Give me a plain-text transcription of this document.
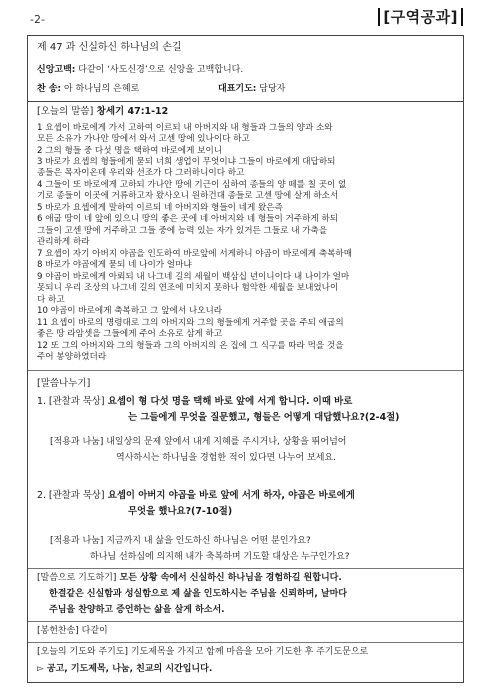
-2-	[구역공과]
제 47 과 신실하신 하나님의 손길
신앙고백: 다같이 ‘사도신경’으로 신앙을 고백합니다.
찬 송: 아 하나님의 은혜로	대표기도: 담당자
[오늘의 말씀] 창세기 47:1-12
1 요셉이 바로에게 가서 고하여 이르되 내 아버지와 내 형들과 그들의 양과 소와
모든 소유가 가나안 땅에서 와서 고센 땅에 있나이다 하고
2 그의 형들 중 다섯 명을 택하여 바로에게 보이니
3 바로가 요셉의 형들에게 묻되 너희 생업이 무엇이냐 그들이 바로에게 대답하되
종들은 목자이온데 우리와 선조가 다 그러하니이다 하고
4 그들이 또 바로에게 고하되 가나안 땅에 기근이 심하여 종들의 양 떼를 칠 곳이 없
기로 종들이 이곳에 거류하고자 왔사오니 원하건대 종들로 고센 땅에 살게 하소서
5 바로가 요셉에게 말하여 이르되 네 아버지와 형들이 네게 왔은즉
6 애굽 땅이 네 앞에 있으니 땅의 좋은 곳에 네 아버지와 네 형들이 거주하게 하되
그들이 고센 땅에 거주하고 그들 중에 능력 있는 자가 있거든 그들로 내 가축을
관리하게 하라
7 요셉이 자기 아버지 야곱을 인도하여 바로앞에 서게하니 야곱이 바로에게 축복하매
8 바로가 야곱에게 묻되 네 나이가 얼마냐
9 야곱이 바로에게 아뢰되 내 나그네 길의 세월이 백삼십 년이니이다 내 나이가 얼마
못되니 우리 조상의 나그네 길의 연조에 미치지 못하나 험악한 세월을 보내었나이
다 하고
10 야곱이 바로에게 축복하고 그 앞에서 나오니라
11 요셉이 바로의 명령대로 그의 아버지와 그의 형들에게 거주할 곳을 주되 애굽의
좋은 땅 라암셋을 그들에게 주어 소유로 삼게 하고
12 또 그의 아버지와 그의 형들과 그의 아버지의 온 집에 그 식구를 따라 먹을 것을
주어 봉양하였더라
[말씀나누기]
1. [관찰과 묵상] 요셉이 형 다섯 명을 택해 바로 앞에 서게 합니다. 이때 바로
는 그들에게 무엇을 질문했고, 형들은 어떻게 대답했나요?(2-4절)
[적용과 나눔] 내일상의 문제 앞에서 내게 지혜를 주시거나, 상황을 뛰어넘어
역사하시는 하나님을 경험한 적이 있다면 나누어 보세요.
2. [관찰과 묵상] 요셉이 아버지 야곱을 바로 앞에 서게 하자, 야곱은 바로에게
무엇을 했나요?(7-10절)
[적용과 나눔] 지금까지 내 삶을 인도하신 하나님은 어떤 분인가요?
하나님 선하심에 의지해 내가 축복하며 기도할 대상은 누구인가요?
[말씀으로 기도하기] 모든 상황 속에서 신실하신 하나님을 경험하길 원합니다.
한결같은 신실함과 성실함으로 제 삶을 인도하시는 주님을 신뢰하며, 날마다
주님을 찬양하고 증언하는 삶을 살게 하소서.
[봉헌찬송] 다같이
[오늘의 기도와 주기도] 기도제목을 가지고 함께 마음을 모아 기도한 후 주기도문으로
▻ 공고, 기도제목, 나눔, 친교의 시간입니다.
